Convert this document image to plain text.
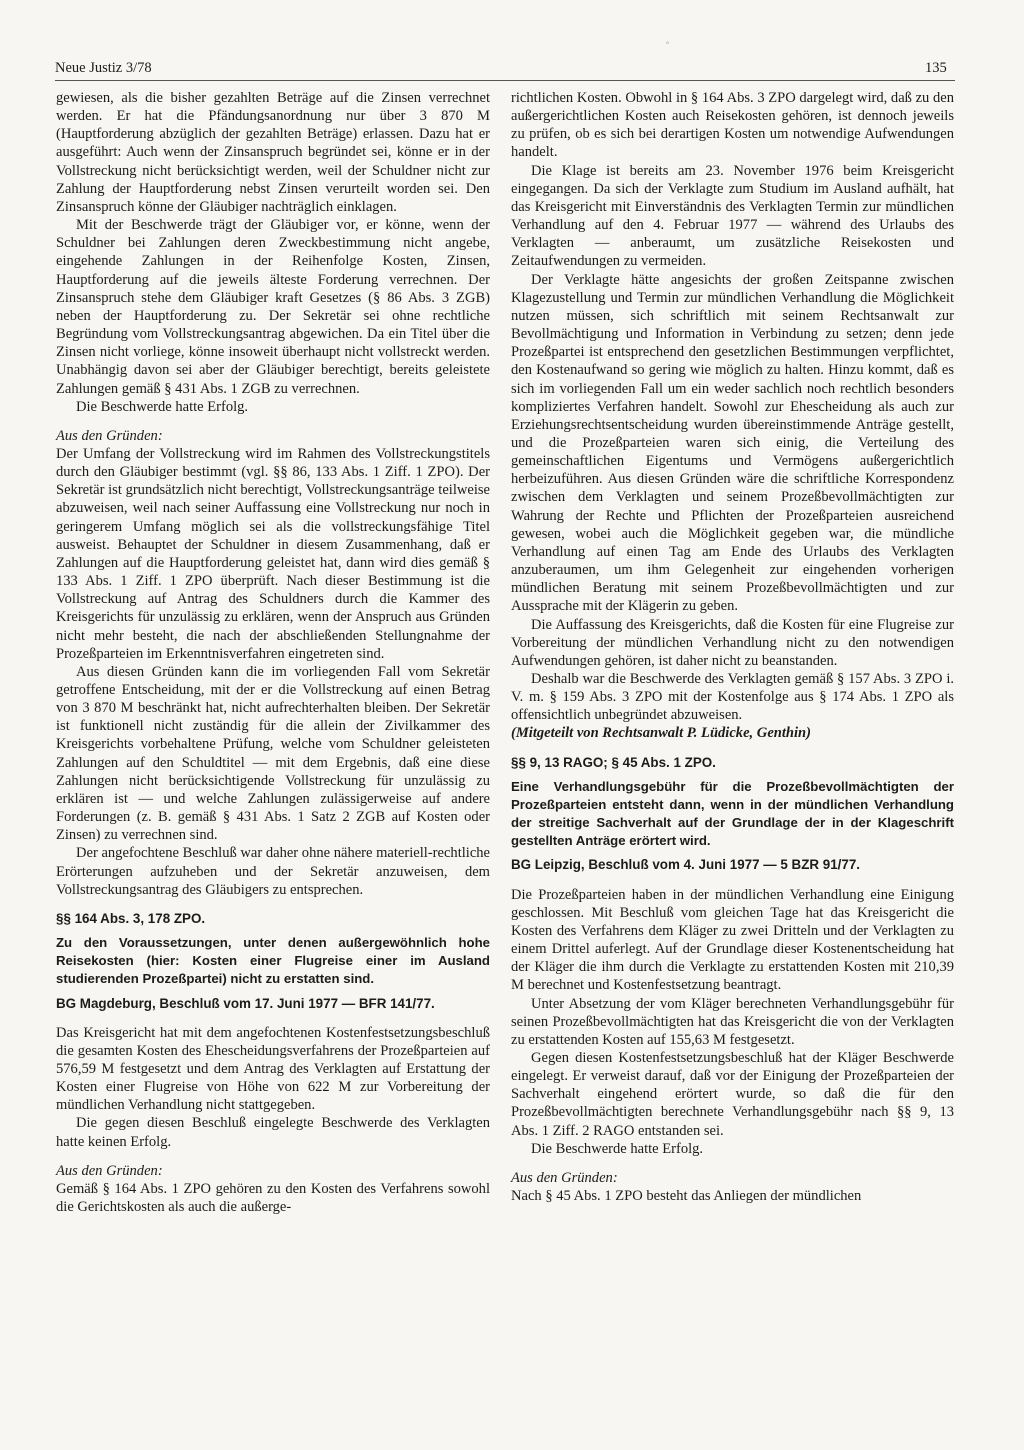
Neue Justiz 3/78	135
°

gewiesen, als die bisher gezahlten Beträge auf die Zinsen verrechnet werden. Er hat die Pfändungsanordnung nur über 3 870 M (Hauptforderung abzüglich der gezahlten Beträge) erlassen. Dazu hat er ausgeführt: Auch wenn der Zinsanspruch begründet sei, könne er in der Vollstreckung nicht berücksichtigt werden, weil der Schuldner nicht zur Zahlung der Hauptforderung nebst Zinsen verurteilt worden sei. Den Zinsanspruch könne der Gläubiger nachträglich einklagen.

Mit der Beschwerde trägt der Gläubiger vor, er könne, wenn der Schuldner bei Zahlungen deren Zweckbestimmung nicht angebe, eingehende Zahlungen in der Reihenfolge Kosten, Zinsen, Hauptforderung auf die jeweils älteste Forderung verrechnen. Der Zinsanspruch stehe dem Gläubiger kraft Gesetzes (§ 86 Abs. 3 ZGB) neben der Hauptforderung zu. Der Sekretär sei ohne rechtliche Begründung vom Vollstreckungsantrag abgewichen. Da ein Titel über die Zinsen nicht vorliege, könne insoweit überhaupt nicht vollstreckt werden. Unabhängig davon sei aber der Gläubiger berechtigt, bereits geleistete Zahlungen gemäß § 431 Abs. 1 ZGB zu verrechnen.

Die Beschwerde hatte Erfolg.

Aus den Gründen:

Der Umfang der Vollstreckung wird im Rahmen des Vollstreckungstitels durch den Gläubiger bestimmt (vgl. §§ 86, 133 Abs. 1 Ziff. 1 ZPO). Der Sekretär ist grundsätzlich nicht berechtigt, Vollstreckungsanträge teilweise abzuweisen, weil nach seiner Auffassung eine Vollstreckung nur noch in geringerem Umfang möglich sei als die vollstreckungsfähige Titel ausweist. Behauptet der Schuldner in diesem Zusammenhang, daß er Zahlungen auf die Hauptforderung geleistet hat, dann wird dies gemäß § 133 Abs. 1 Ziff. 1 ZPO überprüft. Nach dieser Bestimmung ist die Vollstreckung auf Antrag des Schuldners durch die Kammer des Kreisgerichts für unzulässig zu erklären, wenn der Anspruch aus Gründen nicht mehr besteht, die nach der abschließenden Stellungnahme der Prozeßparteien im Erkenntnisverfahren eingetreten sind.

Aus diesen Gründen kann die im vorliegenden Fall vom Sekretär getroffene Entscheidung, mit der er die Vollstreckung auf einen Betrag von 3 870 M beschränkt hat, nicht aufrechterhalten bleiben. Der Sekretär ist funktionell nicht zuständig für die allein der Zivilkammer des Kreisgerichts vorbehaltene Prüfung, welche vom Schuldner geleisteten Zahlungen auf den Schuldtitel — mit dem Ergebnis, daß eine diese Zahlungen nicht berücksichtigende Vollstreckung für unzulässig zu erklären ist — und welche Zahlungen zulässigerweise auf andere Forderungen (z. B. gemäß § 431 Abs. 1 Satz 2 ZGB auf Kosten oder Zinsen) zu verrechnen sind.

Der angefochtene Beschluß war daher ohne nähere materiell-rechtliche Erörterungen aufzuheben und der Sekretär anzuweisen, dem Vollstreckungsantrag des Gläubigers zu entsprechen.

§§ 164 Abs. 3, 178 ZPO.

Zu den Voraussetzungen, unter denen außergewöhnlich hohe Reisekosten (hier: Kosten einer Flugreise einer im Ausland studierenden Prozeßpartei) nicht zu erstatten sind.

BG Magdeburg, Beschluß vom 17. Juni 1977 — BFR 141/77.

Das Kreisgericht hat mit dem angefochtenen Kostenfestsetzungsbeschluß die gesamten Kosten des Ehescheidungsverfahrens der Prozeßparteien auf 576,59 M festgesetzt und dem Antrag des Verklagten auf Erstattung der Kosten einer Flugreise von Höhe von 622 M zur Vorbereitung der mündlichen Verhandlung nicht stattgegeben.

Die gegen diesen Beschluß eingelegte Beschwerde des Verklagten hatte keinen Erfolg.

Aus den Gründen:

Gemäß § 164 Abs. 1 ZPO gehören zu den Kosten des Verfahrens sowohl die Gerichtskosten als auch die außerge-

richtlichen Kosten. Obwohl in § 164 Abs. 3 ZPO dargelegt wird, daß zu den außergerichtlichen Kosten auch Reisekosten gehören, ist dennoch jeweils zu prüfen, ob es sich bei derartigen Kosten um notwendige Aufwendungen handelt.

Die Klage ist bereits am 23. November 1976 beim Kreisgericht eingegangen. Da sich der Verklagte zum Studium im Ausland aufhält, hat das Kreisgericht mit Einverständnis des Verklagten Termin zur mündlichen Verhandlung auf den 4. Februar 1977 — während des Urlaubs des Verklagten — anberaumt, um zusätzliche Reisekosten und Zeitaufwendungen zu vermeiden.

Der Verklagte hätte angesichts der großen Zeitspanne zwischen Klagezustellung und Termin zur mündlichen Verhandlung die Möglichkeit nutzen müssen, sich schriftlich mit seinem Rechtsanwalt zur Bevollmächtigung und Information in Verbindung zu setzen; denn jede Prozeßpartei ist entsprechend den gesetzlichen Bestimmungen verpflichtet, den Kostenaufwand so gering wie möglich zu halten. Hinzu kommt, daß es sich im vorliegenden Fall um ein weder sachlich noch rechtlich besonders kompliziertes Verfahren handelt. Sowohl zur Ehescheidung als auch zur Erziehungsrechtsentscheidung wurden übereinstimmende Anträge gestellt, und die Prozeßparteien waren sich einig, die Verteilung des gemeinschaftlichen Eigentums und Vermögens außergerichtlich herbeizuführen. Aus diesen Gründen wäre die schriftliche Korrespondenz zwischen dem Verklagten und seinem Prozeßbevollmächtigten zur Wahrung der Rechte und Pflichten der Prozeßparteien ausreichend gewesen, wobei auch die Möglichkeit gegeben war, die mündliche Verhandlung auf einen Tag am Ende des Urlaubs des Verklagten anzuberaumen, um ihm Gelegenheit zur eingehenden vorherigen mündlichen Beratung mit seinem Prozeßbevollmächtigten und zur Aussprache mit der Klägerin zu geben.

Die Auffassung des Kreisgerichts, daß die Kosten für eine Flugreise zur Vorbereitung der mündlichen Verhandlung nicht zu den notwendigen Aufwendungen gehören, ist daher nicht zu beanstanden.

Deshalb war die Beschwerde des Verklagten gemäß § 157 Abs. 3 ZPO i. V. m. § 159 Abs. 3 ZPO mit der Kostenfolge aus § 174 Abs. 1 ZPO als offensichtlich unbegründet abzuweisen.

(Mitgeteilt von Rechtsanwalt P. Lüdicke, Genthin)

§§ 9, 13 RAGO; § 45 Abs. 1 ZPO.

Eine Verhandlungsgebühr für die Prozeßbevollmächtigten der Prozeßparteien entsteht dann, wenn in der mündlichen Verhandlung der streitige Sachverhalt auf der Grundlage der in der Klageschrift gestellten Anträge erörtert wird.

BG Leipzig, Beschluß vom 4. Juni 1977 — 5 BZR 91/77.

Die Prozeßparteien haben in der mündlichen Verhandlung eine Einigung geschlossen. Mit Beschluß vom gleichen Tage hat das Kreisgericht die Kosten des Verfahrens dem Kläger zu zwei Dritteln und der Verklagten zu einem Drittel auferlegt. Auf der Grundlage dieser Kostenentscheidung hat der Kläger die ihm durch die Verklagte zu erstattenden Kosten mit 210,39 M berechnet und Kostenfestsetzung beantragt.

Unter Absetzung der vom Kläger berechneten Verhandlungsgebühr für seinen Prozeßbevollmächtigten hat das Kreisgericht die von der Verklagten zu erstattenden Kosten auf 155,63 M festgesetzt.

Gegen diesen Kostenfestsetzungsbeschluß hat der Kläger Beschwerde eingelegt. Er verweist darauf, daß vor der Einigung der Prozeßparteien der Sachverhalt eingehend erörtert wurde, so daß die für den Prozeßbevollmächtigten berechnete Verhandlungsgebühr nach §§ 9, 13 Abs. 1 Ziff. 2 RAGO entstanden sei.

Die Beschwerde hatte Erfolg.

Aus den Gründen:

Nach § 45 Abs. 1 ZPO besteht das Anliegen der mündlichen
